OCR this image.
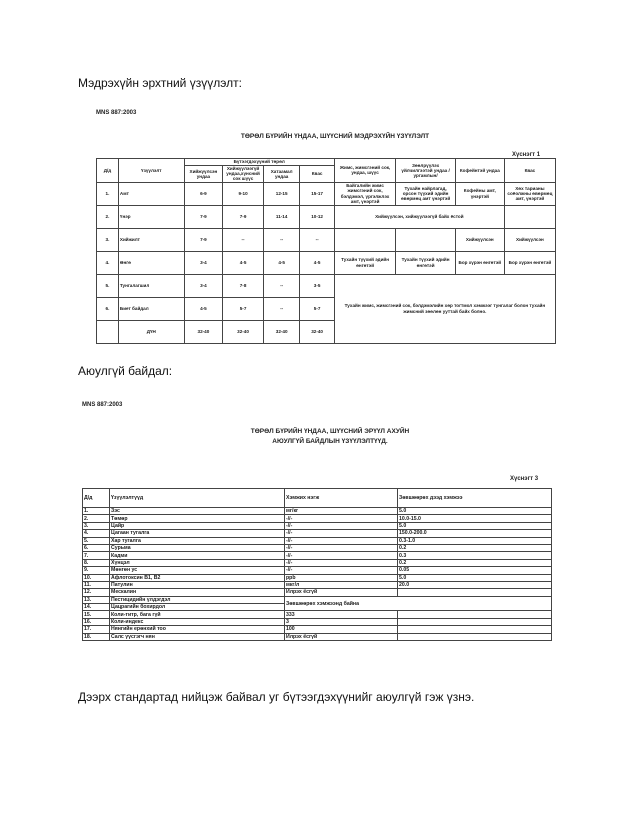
Мэдрэхүйн эрхтний үзүүлэлт:
MNS 887:2003
ТӨРӨЛ БҮРИЙН ҮНДАА, ШҮҮСНИЙ МЭДРЭХҮЙН ҮЗҮҮЛЭЛТ
Хүснэгт 1
Д/д	Үзүүлэлт	Бүтээгдэхүүний төрөл				Жимс, жимсгэний сок, ундаа, шүүс	Зөөлрүүлэх үйлчилгээтэй ундаа /ургамлын/	Кофейнтэй ундаа	Квас
		Хийжүүлсэн ундаа	Хийжүүлээгүй ундаа,хүнсний сок шүүс	Хатаамал ундаа	Квас				
1.	Амт	6-9	9-10	12-15	15-17	Байгалийн жимс жимсгэний сок, бэлдэмэл, үргэлжлэх амт, үнэртэй	Тухайн найрлагад, орсон түүхий эдийн өвөрмөц амт үнэртэй	Кофейны амт, үнэртэй	Хөх тарианы соёолжны өвөрмөц амт, үнэртэй
2.	Үнэр	7-9	7-9	11-14	10-12	Хийжүүлсэн, хийжүүлээгүй байх ёстой			
3.	Хийжилт	7-9	--	--	--			Хийжүүлсэн	Хийжүүлсэн
4.	Өнгө	3-4	4-5	4-5	4-5	Тухайн түүхий эдийн өнгөтэй	Тухайн түүхий эдийн өнгөтэй	Бор хүрэн өнгөтэй	Бор хүрэн өнгөтэй
5.	Тунгалагшил	3-4	7-8	--	3-5	Тухайн жимс, жимсгэний сок, бэлдэмэлийн хөр тогтмол хэмжээг тунгалаг болон тухайн жимсний зөөлөн ууттай байх болно.			
6.	Биет байдал	4-5	5-7	--	5-7				
	ДҮН	32-40	32-40	32-40	32-40				
Аюулгүй байдал:
MNS 887:2003
ТӨРӨЛ БҮРИЙН ҮНДАА, ШҮҮСНИЙ ЭРҮҮЛ АХУЙН
АЮУЛГҮЙ БАЙДЛЫН ҮЗҮҮЛЭЛТҮҮД.
Хүснэгт 3
Д/д	Үзүүлэлтүүд	Хэмжих нэгж	Зөвшөөрөх дээд хэмжээ
1.	Зэс	мг/кг	5.0
2.	Төмөр	-//-	10.0-15.0
3.	Цайр	-//-	5.0
4.	Цагаан тугалга	-//-	150.0-200.0
5.	Хар тугалга	-//-	0.3-1.0
6.	Сурьма	-//-	0.2
7.	Кадми	-//-	0.3
8.	Хүнцэл	-//-	0.2
9.	Мөнгөн ус	-//-	0.05
10.	Афлотоксин B1, B2	ppb	5.0
11.	Патулин	мкг/л	20.0
12.	Мескалин	Илрэх ёсгүй	
13.	Пестицидийн үлдэгдэл	Зөвшөөрөх хэмжээнд байна	
14.	Цацрагийн бохирдол		
15.	Коли-титр, бага гүй	333	
16.	Коли-индекс	3	
17.	Нянгийн ерөнхий тоо	100	
18.	Салс үүсгэгч нян	Илрэх ёсгүй	
Дээрх стандартад нийцэж байвал уг бүтээгдэхүүнийг аюулгүй гэж үзнэ.
